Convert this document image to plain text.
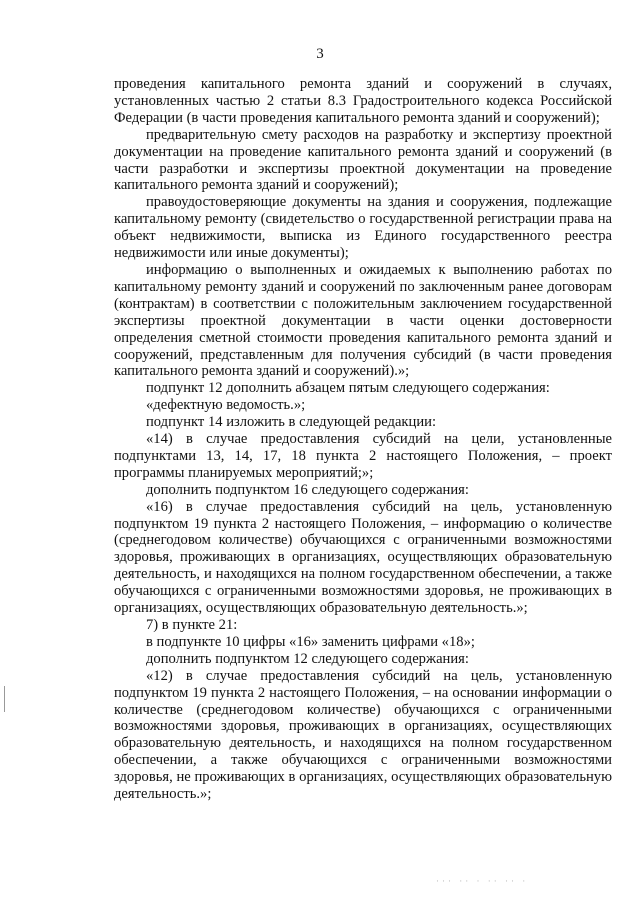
3

проведения капитального ремонта зданий и сооружений в случаях, установленных частью 2 статьи 8.3 Градостроительного кодекса Российской Федерации (в части проведения капитального ремонта зданий и сооружений);

предварительную смету расходов на разработку и экспертизу проектной документации на проведение капитального ремонта зданий и сооружений (в части разработки и экспертизы проектной документации на проведение капитального ремонта зданий и сооружений);

правоудостоверяющие документы на здания и сооружения, подлежащие капитальному ремонту (свидетельство о государственной регистрации права на объект недвижимости, выписка из Единого государственного реестра недвижимости или иные документы);

информацию о выполненных и ожидаемых к выполнению работах по капитальному ремонту зданий и сооружений по заключенным ранее договорам (контрактам) в соответствии с положительным заключением государственной экспертизы проектной документации в части оценки достоверности определения сметной стоимости проведения капитального ремонта зданий и сооружений, представленным для получения субсидий (в части проведения капитального ремонта зданий и сооружений).»;

подпункт 12 дополнить абзацем пятым следующего содержания:

«дефектную ведомость.»;

подпункт 14 изложить в следующей редакции:

«14) в случае предоставления субсидий на цели, установленные подпунктами 13, 14, 17, 18 пункта 2 настоящего Положения, – проект программы планируемых мероприятий;»;

дополнить подпунктом 16 следующего содержания:

«16) в случае предоставления субсидий на цель, установленную подпунктом 19 пункта 2 настоящего Положения, – информацию о количестве (среднегодовом количестве) обучающихся с ограниченными возможностями здоровья, проживающих в организациях, осуществляющих образовательную деятельность, и находящихся на полном государственном обеспечении, а также обучающихся с ограниченными возможностями здоровья, не проживающих в организациях, осуществляющих образовательную деятельность.»;

7) в пункте 21:

в подпункте 10 цифры «16» заменить цифрами «18»;

дополнить подпунктом 12 следующего содержания:

«12) в случае предоставления субсидий на цель, установленную подпунктом 19 пункта 2 настоящего Положения, – на основании информации о количестве (среднегодовом количестве) обучающихся с ограниченными возможностями здоровья, проживающих в организациях, осуществляющих образовательную деятельность, и находящихся на полном государственном обеспечении, а также обучающихся с ограниченными возможностями здоровья, не проживающих в организациях, осуществляющих образовательную деятельность.»;

··· ·· · ·· ·· ·
